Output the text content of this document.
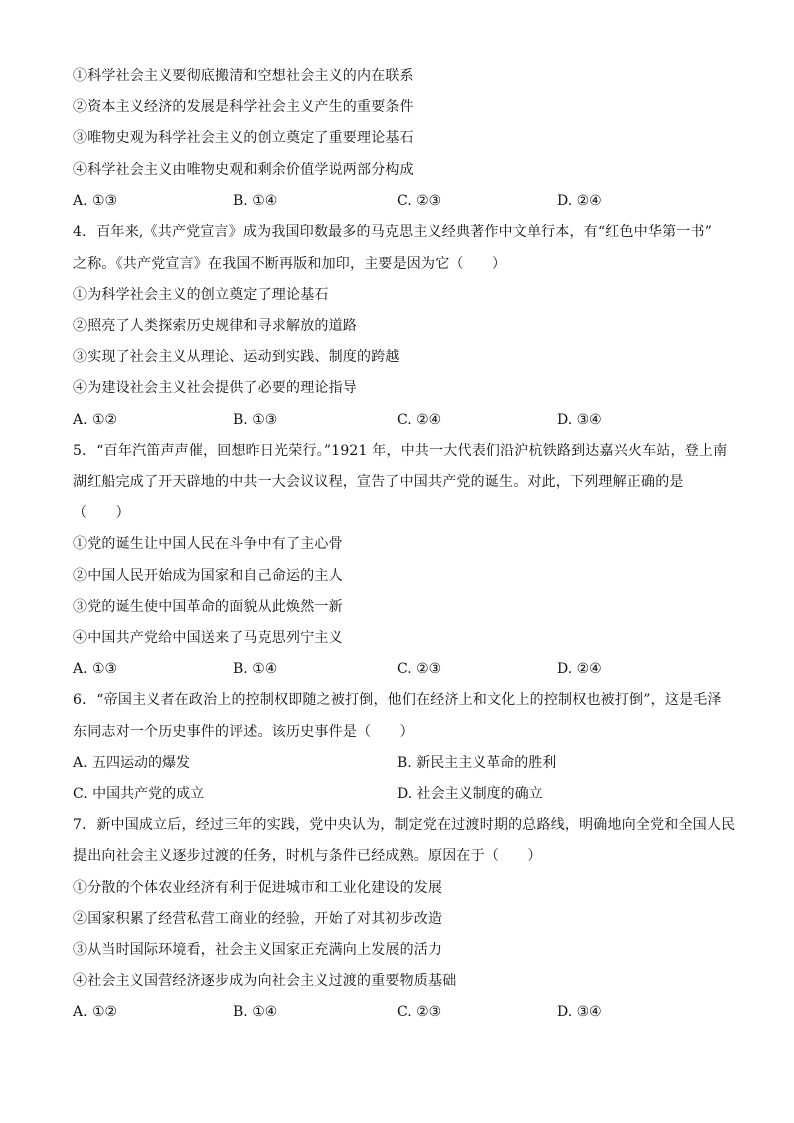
①科学社会主义要彻底搬清和空想社会主义的内在联系
②资本主义经济的发展是科学社会主义产生的重要条件
③唯物史观为科学社会主义的创立奠定了重要理论基石
④科学社会主义由唯物史观和剩余价值学说两部分构成
A. ①③	B. ①④	C. ②③	D. ②④
4．百年来,《共产党宣言》成为我国印数最多的马克思主义经典著作中文单行本，有“红色中华第一书”
之称。《共产党宣言》在我国不断再版和加印，主要是因为它（　　）
①为科学社会主义的创立奠定了理论基石
②照亮了人类探索历史规律和寻求解放的道路
③实现了社会主义从理论、运动到实践、制度的跨越
④为建设社会主义社会提供了必要的理论指导
A. ①②	B. ①③	C. ②④	D. ③④
5．“百年汽笛声声催，回想昨日光荣行。”1921 年，中共一大代表们沿沪杭铁路到达嘉兴火车站，登上南
湖红船完成了开天辟地的中共一大会议议程，宣告了中国共产党的诞生。对此，下列理解正确的是
（　　）
①党的诞生让中国人民在斗争中有了主心骨
②中国人民开始成为国家和自己命运的主人
③党的诞生使中国革命的面貌从此焕然一新
④中国共产党给中国送来了马克思列宁主义
A. ①③	B. ①④	C. ②③	D. ②④
6．“帝国主义者在政治上的控制权即随之被打倒，他们在经济上和文化上的控制权也被打倒”，这是毛泽
东同志对一个历史事件的评述。该历史事件是（　　）
A. 五四运动的爆发	B. 新民主主义革命的胜利
C. 中国共产党的成立	D. 社会主义制度的确立
7．新中国成立后，经过三年的实践，党中央认为，制定党在过渡时期的总路线，明确地向全党和全国人民
提出向社会主义逐步过渡的任务，时机与条件已经成熟。原因在于（　　）
①分散的个体农业经济有利于促进城市和工业化建设的发展
②国家积累了经营私营工商业的经验，开始了对其初步改造
③从当时国际环境看，社会主义国家正充满向上发展的活力
④社会主义国营经济逐步成为向社会主义过渡的重要物质基础
A. ①②	B. ①④	C. ②③	D. ③④
